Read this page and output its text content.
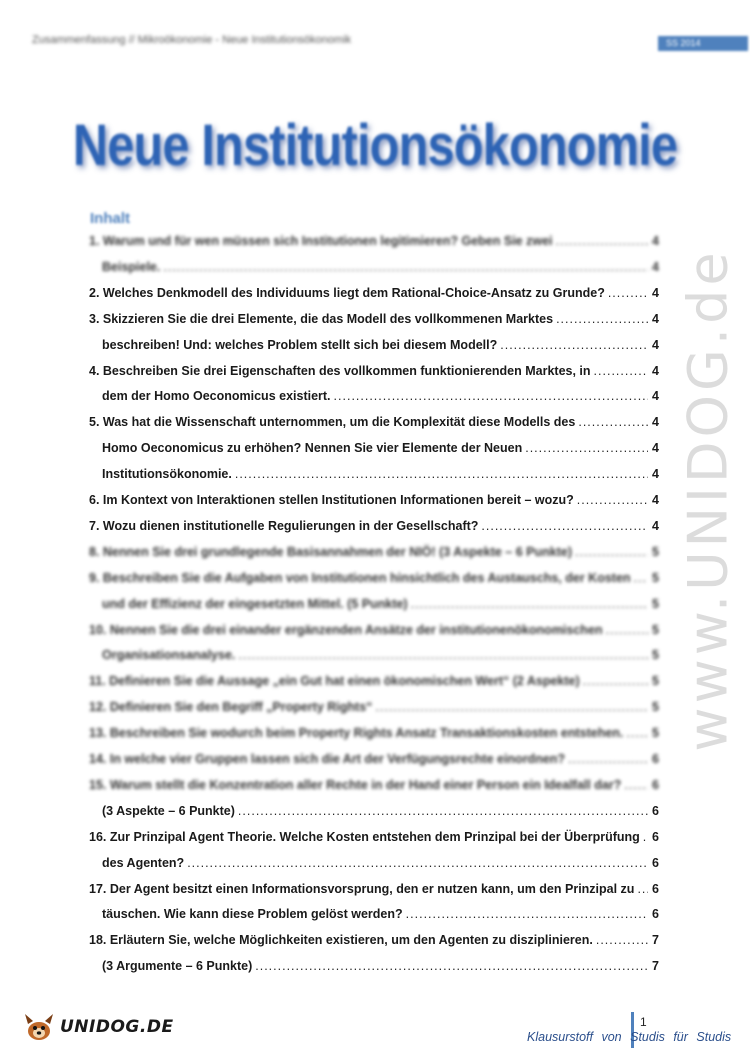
Zusammenfassung // Mikroökonomie - Neue Institutionsökonomik	SS 2014
Neue Institutionsökonomie
Inhalt
1. Warum und für wen müssen sich Institutionen legitimieren? Geben Sie zwei .....	4
Beispiele. .....	4
2. Welches Denkmodell des Individuums liegt dem Rational-Choice-Ansatz zu Grunde? .....	4
3. Skizzieren Sie die drei Elemente, die das Modell des vollkommenen Marktes .....	4
beschreiben! Und: welches Problem stellt sich bei diesem Modell? .....	4
4. Beschreiben Sie drei Eigenschaften des vollkommen funktionierenden Marktes, in .....	4
dem der Homo Oeconomicus existiert. .....	4
5. Was hat die Wissenschaft unternommen, um die Komplexität diese Modells des .....	4
Homo Oeconomicus zu erhöhen? Nennen Sie vier Elemente der Neuen .....	4
Institutionsökonomie. .....	4
6. Im Kontext von Interaktionen stellen Institutionen Informationen bereit – wozu? .....	4
7. Wozu dienen institutionelle Regulierungen in der Gesellschaft? .....	4
8. Nennen Sie drei grundlegende Basisannahmen der NIÖ! (3 Aspekte – 6 Punkte) .....	5
9. Beschreiben Sie die Aufgaben von Institutionen hinsichtlich des Austauschs, der Kosten ..... 5
und der Effizienz der eingesetzten Mittel. (5 Punkte) .....	5
10. Nennen Sie die drei einander ergänzenden Ansätze der institutionenökonomischen .....	5
Organisationsanalyse. .....	5
11. Definieren Sie die Aussage „ein Gut hat einen ökonomischen Wert“ (2 Aspekte) .....	5
12. Definieren Sie den Begriff „Property Rights“ .....	5
13. Beschreiben Sie wodurch beim Property Rights Ansatz Transaktionskosten entstehen. ..... 5
14. In welche vier Gruppen lassen sich die Art der Verfügungsrechte einordnen? .....	6
15. Warum stellt die Konzentration aller Rechte in der Hand einer Person ein Idealfall dar? ..... 6
(3 Aspekte – 6 Punkte) .....	6
16. Zur Prinzipal Agent Theorie. Welche Kosten entstehen dem Prinzipal bei der Überprüfung ..... 6
des Agenten? .....	6
17. Der Agent besitzt einen Informationsvorsprung, den er nutzen kann, um den Prinzipal zu ..... 6
täuschen. Wie kann diese Problem gelöst werden? .....	6
18. Erläutern Sie, welche Möglichkeiten existieren, um den Agenten zu disziplinieren. .....	7
(3 Argumente – 6 Punkte) .....	7
www.UNIDOG.de
UNIDOG.DE	1
Klausurstoff von Studis für Studis
